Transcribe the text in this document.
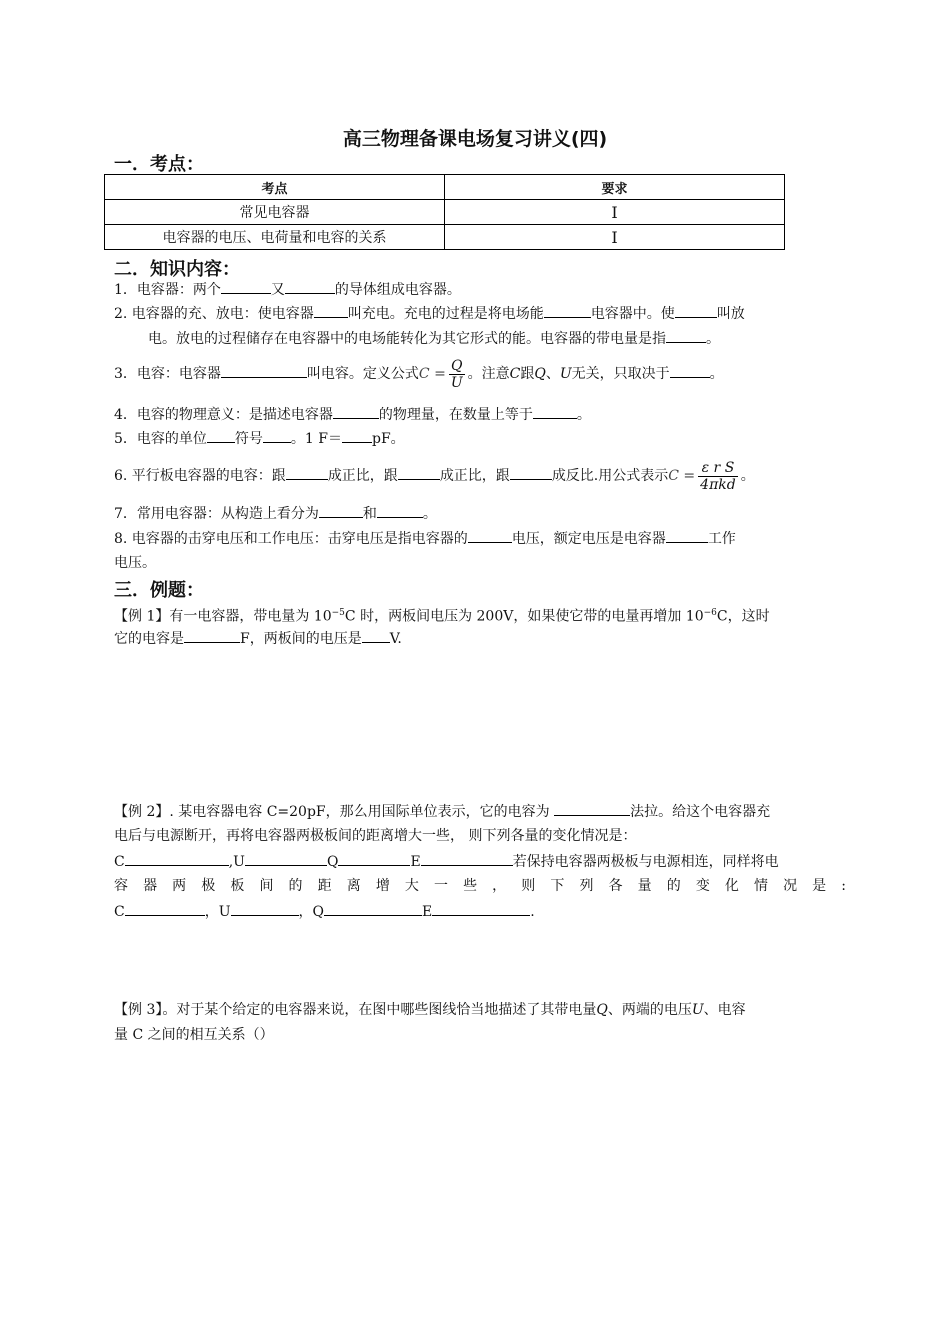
高三物理备课电场复习讲义(四)
一．考点：
考点	要求
常见电容器	I
电容器的电压、电荷量和电容的关系	I
二．知识内容：
1．电容器：两个	又	的导体组成电容器。
2. 电容器的充、放电：使电容器 叫充电。充电的过程是将电场能	电容器中。使	叫放
电。放电的过程储存在电容器中的电场能转化为其它形式的能。电容器的带电量是指	。
3．电容：电容器	叫电容。定义公式$C = \frac{Q}{U}$ 。注意C跟Q、U无关，只取决于	。
4．电容的物理意义：是描述电容器	的物理量，在数量上等于	。
5．电容的单位 符号 。1 F＝ pF。
6. 平行板电容器的电容：跟	成正比，跟	成正比，跟	成反比.用公式表示$C = \frac{\text{ε r S}}{\text{4πkd}}$ 。
7．常用电容器：从构造上看分为	和	。
8. 电容器的击穿电压和工作电压：击穿电压是指电容器的	电压，额定电压是电容器	工作
电压。
三．例题：
【例 1】有一电容器，带电量为 $10^{-5}C$ 时，两板间电压为 200V，如果使它带的电量再增加 $10^{-6}C$，这时
它的电容是	F，两板间的电压是 V.
【例 2】. 某电容器电容 C=20pF，那么用国际单位表示，它的电容为	法拉。给这个电容器充
电后与电源断开，再将电容器两极板间的距离增大一些， 则下列各量的变化情况是：
C	,U	Q	E	若保持电容器两极板与电源相连，同样将电
容 器 两 极 板 间 的 距 离 增 大 一 些 ， 则 下 列 各 量 的 变 化 情 况 是 :
C	，U	，Q	E	.
【例 3】。对于某个给定的电容器来说，在图中哪些图线恰当地描述了其带电量Q、两端的电压U、电容
量 C 之间的相互关系（）
